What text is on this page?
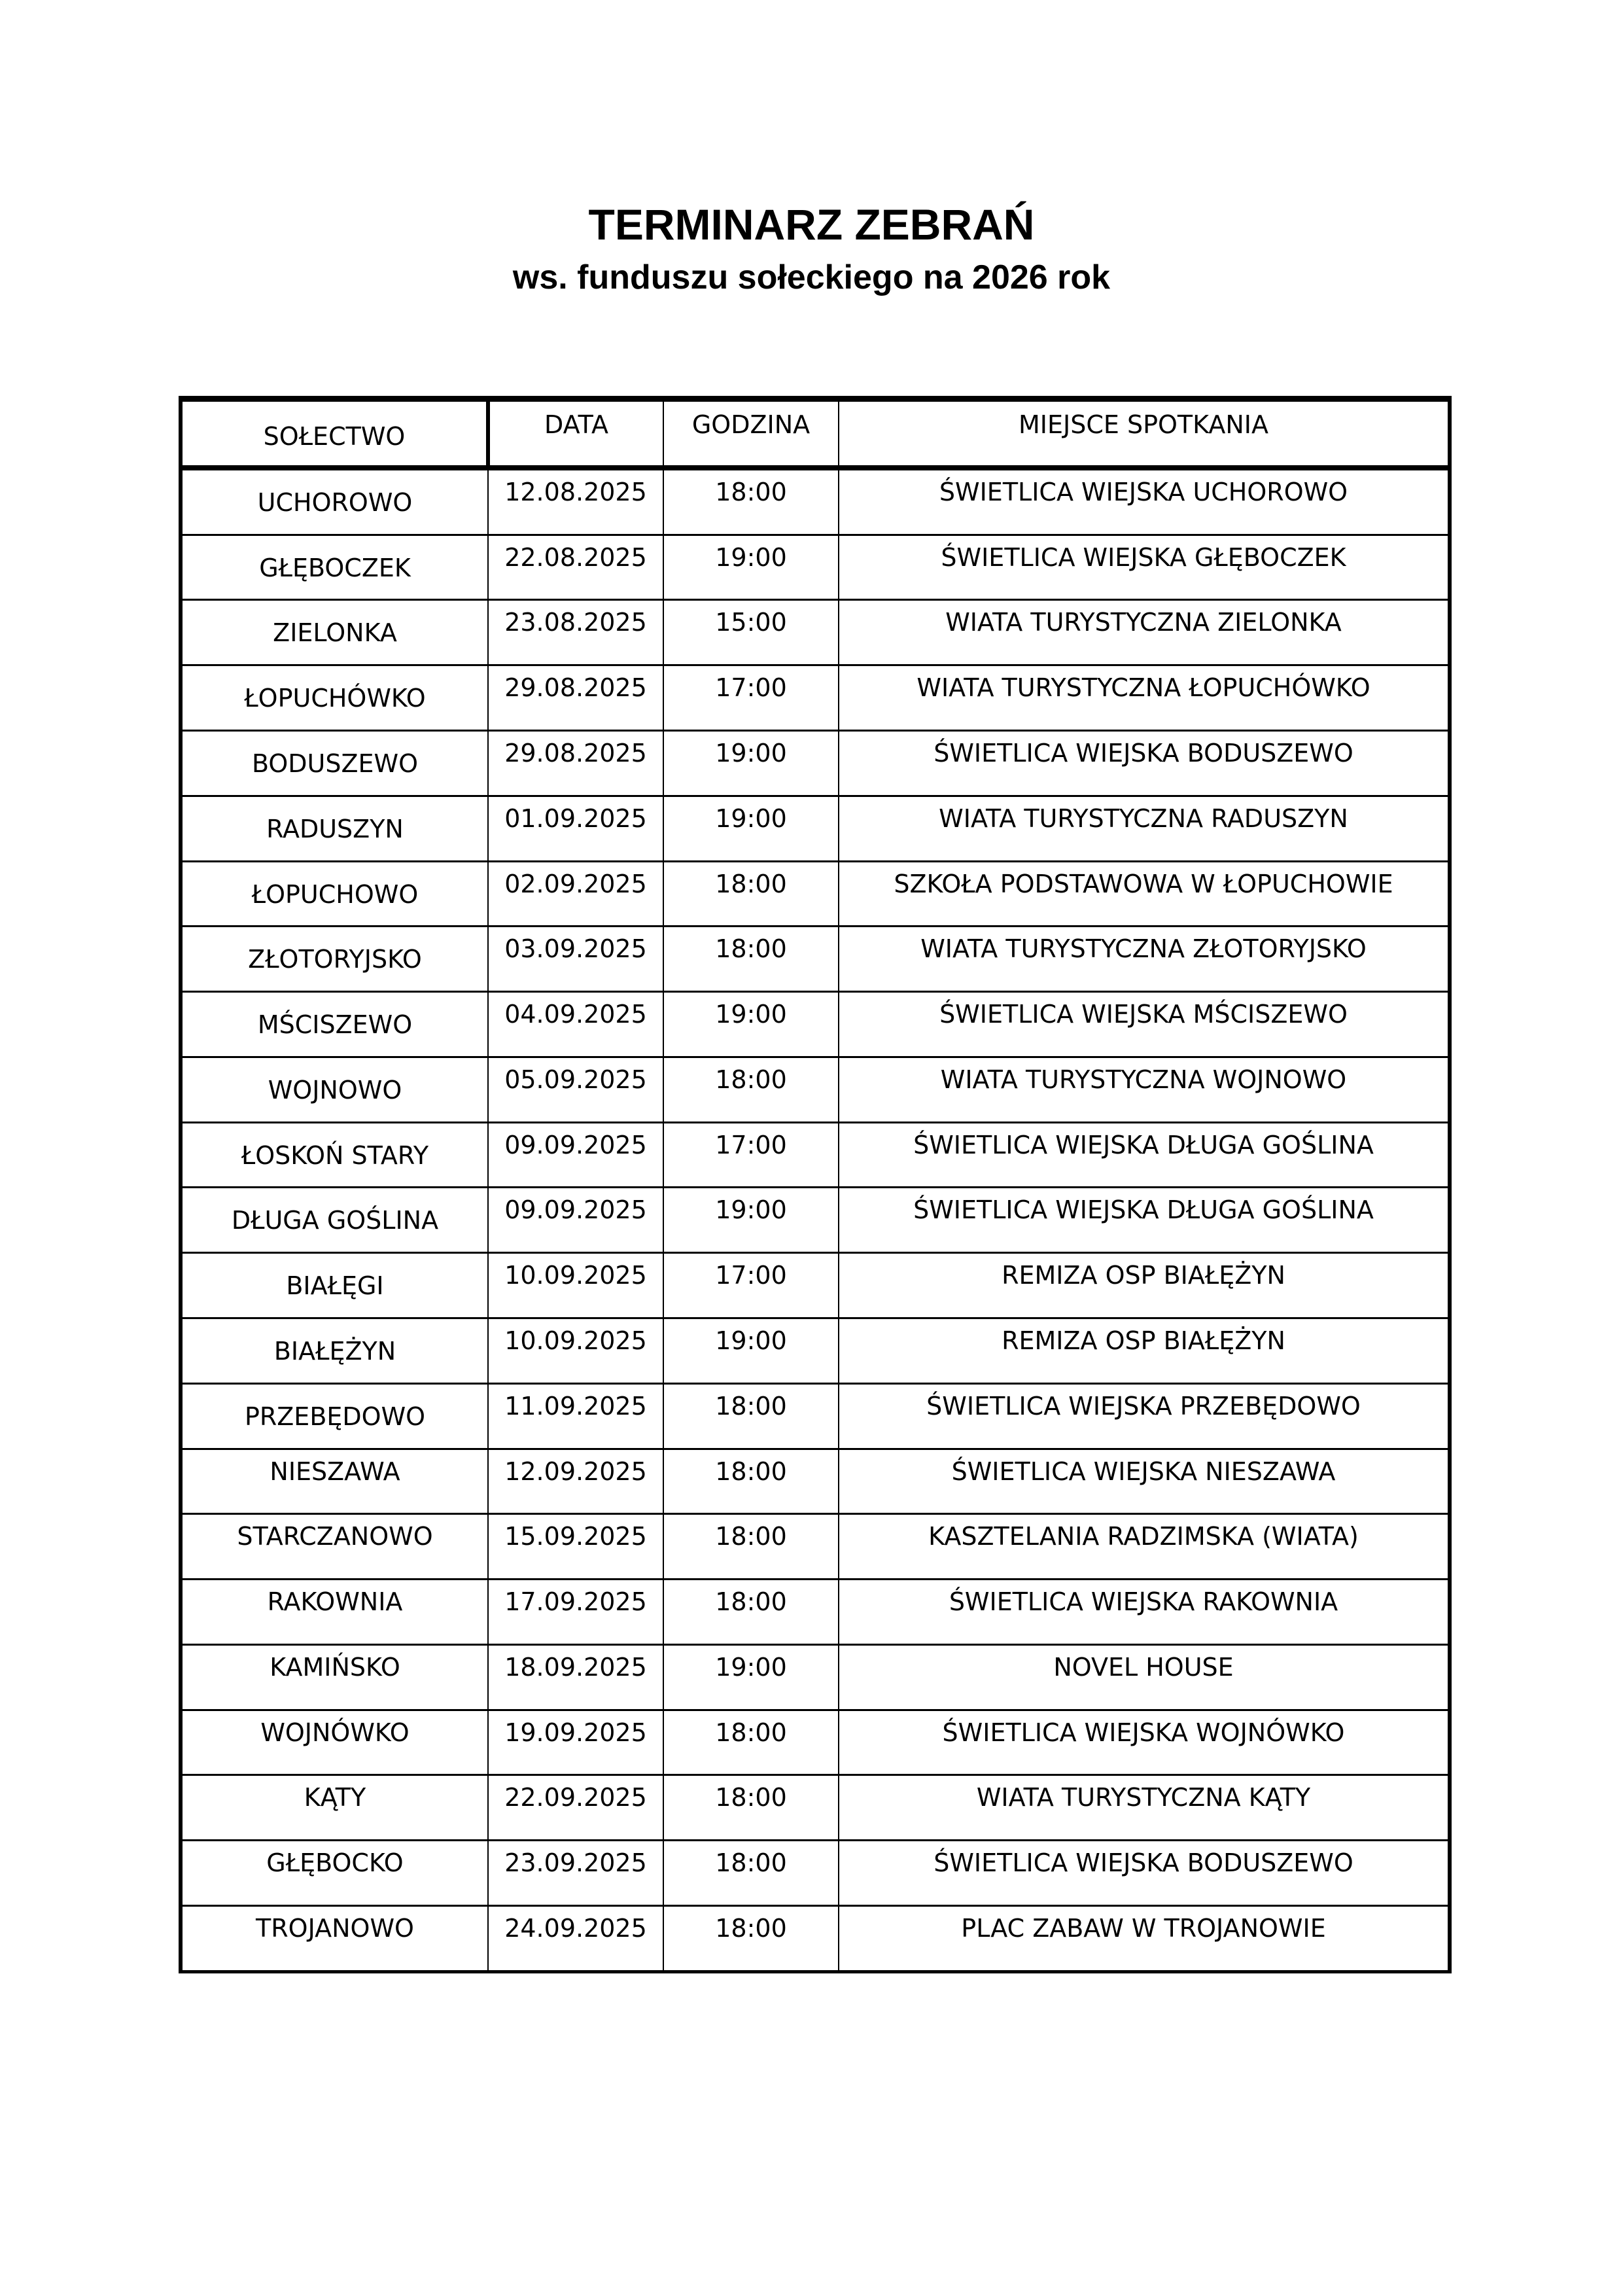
TERMINARZ ZEBRAŃ
ws. funduszu sołeckiego na 2026 rok
SOŁECTWO	DATA	GODZINA	MIEJSCE SPOTKANIA

UCHOROWO	12.08.2025	18:00	ŚWIETLICA WIEJSKA UCHOROWO

GŁĘBOCZEK	22.08.2025	19:00	ŚWIETLICA WIEJSKA GŁĘBOCZEK

ZIELONKA	23.08.2025	15:00	WIATA TURYSTYCZNA ZIELONKA

ŁOPUCHÓWKO	29.08.2025	17:00	WIATA TURYSTYCZNA ŁOPUCHÓWKO

BODUSZEWO	29.08.2025	19:00	ŚWIETLICA WIEJSKA BODUSZEWO

RADUSZYN	01.09.2025	19:00	WIATA TURYSTYCZNA RADUSZYN

ŁOPUCHOWO	02.09.2025	18:00	SZKOŁA PODSTAWOWA W ŁOPUCHOWIE

ZŁOTORYJSKO	03.09.2025	18:00	WIATA TURYSTYCZNA ZŁOTORYJSKO

MŚCISZEWO	04.09.2025	19:00	ŚWIETLICA WIEJSKA MŚCISZEWO

WOJNOWO	05.09.2025	18:00	WIATA TURYSTYCZNA WOJNOWO

ŁOSKOŃ STARY	09.09.2025	17:00	ŚWIETLICA WIEJSKA DŁUGA GOŚLINA

DŁUGA GOŚLINA	09.09.2025	19:00	ŚWIETLICA WIEJSKA DŁUGA GOŚLINA

BIAŁĘGI	10.09.2025	17:00	REMIZA OSP BIAŁĘŻYN

BIAŁĘŻYN	10.09.2025	19:00	REMIZA OSP BIAŁĘŻYN

PRZEBĘDOWO	11.09.2025	18:00	ŚWIETLICA WIEJSKA PRZEBĘDOWO

NIESZAWA	12.09.2025	18:00	ŚWIETLICA WIEJSKA NIESZAWA

STARCZANOWO	15.09.2025	18:00	KASZTELANIA RADZIMSKA (WIATA)

RAKOWNIA	17.09.2025	18:00	ŚWIETLICA WIEJSKA RAKOWNIA

KAMIŃSKO	18.09.2025	19:00	NOVEL HOUSE

WOJNÓWKO	19.09.2025	18:00	ŚWIETLICA WIEJSKA WOJNÓWKO

KĄTY	22.09.2025	18:00	WIATA TURYSTYCZNA KĄTY

GŁĘBOCKO	23.09.2025	18:00	ŚWIETLICA WIEJSKA BODUSZEWO

TROJANOWO	24.09.2025	18:00	PLAC ZABAW W TROJANOWIE
